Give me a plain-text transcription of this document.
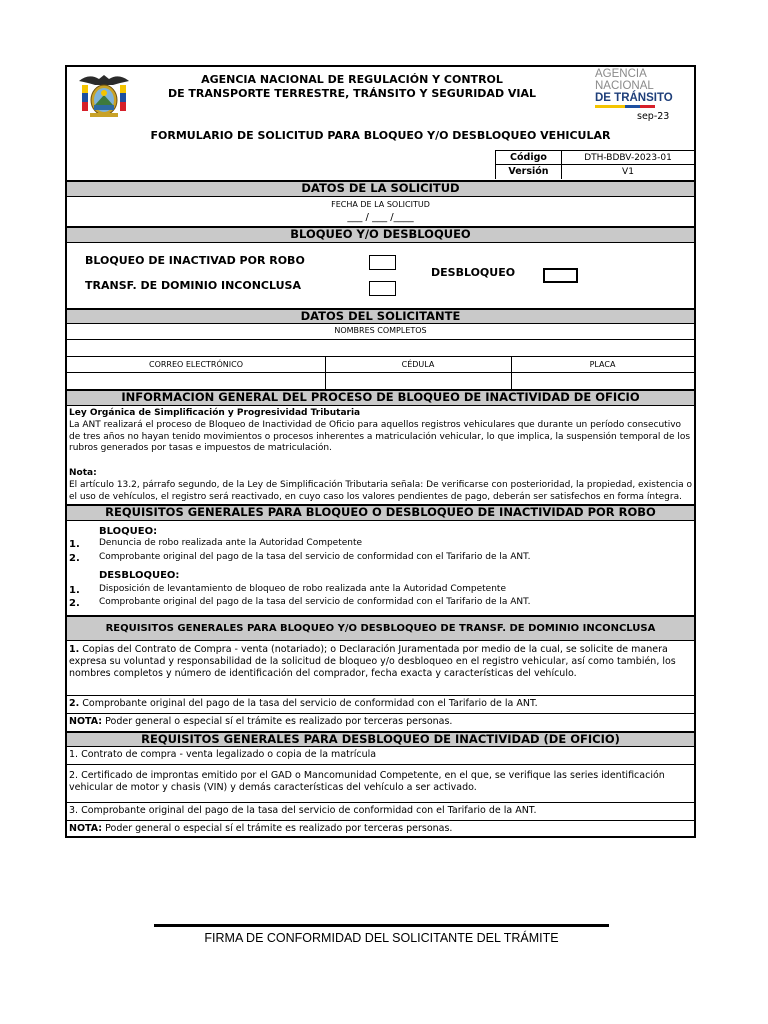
AGENCIA NACIONAL DE REGULACIÓN Y CONTROL
DE TRANSPORTE TERRESTRE, TRÁNSITO Y SEGURIDAD VIAL
AGENCIA
NACIONAL
DE TRÁNSITO
sep-23
FORMULARIO DE SOLICITUD PARA BLOQUEO Y/O DESBLOQUEO VEHICULAR
Código	DTH-BDBV-2023-01
Versión	V1
DATOS DE LA SOLICITUD
FECHA DE LA SOLICITUD
___ / ___ /____
BLOQUEO Y/O DESBLOQUEO
BLOQUEO DE INACTIVAD POR ROBO
TRANSF. DE DOMINIO INCONCLUSA
DESBLOQUEO
DATOS DEL SOLICITANTE
NOMBRES COMPLETOS
CORREO ELECTRÓNICO	CÉDULA	PLACA
INFORMACION GENERAL DEL PROCESO DE BLOQUEO DE INACTIVIDAD DE OFICIO
Ley Orgánica de Simplificación y Progresividad Tributaria
La ANT realizará el proceso de Bloqueo de Inactividad de Oficio para aquellos registros vehiculares que durante un período consecutivo de tres años no hayan tenido movimientos o procesos inherentes a matriculación vehicular, lo que implica, la suspensión temporal de los rubros generados por tasas e impuestos de matriculación.
Nota:
El artículo 13.2, párrafo segundo, de la Ley de Simplificación Tributaria señala: De verificarse con posterioridad, la propiedad, existencia o el uso de vehículos, el registro será reactivado, en cuyo caso los valores pendientes de pago, deberán ser satisfechos en forma íntegra.
REQUISITOS GENERALES PARA BLOQUEO O DESBLOQUEO DE INACTIVIDAD POR ROBO
BLOQUEO:
1. Denuncia de robo realizada ante la Autoridad Competente
2. Comprobante original del pago de la tasa del servicio de conformidad con el Tarifario de la ANT.
DESBLOQUEO:
1. Disposición de levantamiento de bloqueo de robo realizada ante la Autoridad Competente
2. Comprobante original del pago de la tasa del servicio de conformidad con el Tarifario de la ANT.
REQUISITOS GENERALES PARA BLOQUEO Y/O DESBLOQUEO DE TRANSF. DE DOMINIO INCONCLUSA
1. Copias del Contrato de Compra - venta (notariado); o Declaración Juramentada por medio de la cual, se solicite de manera expresa su voluntad y responsabilidad de la solicitud de bloqueo y/o desbloqueo en el registro vehicular, así como también, los nombres completos y número de identificación del comprador, fecha exacta y características del vehículo.
2. Comprobante original del pago de la tasa del servicio de conformidad con el Tarifario de la ANT.
NOTA: Poder general o especial sí el trámite es realizado por terceras personas.
REQUISITOS GENERALES PARA DESBLOQUEO DE INACTIVIDAD (DE OFICIO)
1. Contrato de compra - venta legalizado o copia de la matrícula
2. Certificado de improntas emitido por el GAD o Mancomunidad Competente, en el que, se verifique las series identificación vehicular de motor y chasis (VIN) y demás características del vehículo a ser activado.
3. Comprobante original del pago de la tasa del servicio de conformidad con el Tarifario de la ANT.
NOTA: Poder general o especial sí el trámite es realizado por terceras personas.
FIRMA DE CONFORMIDAD DEL SOLICITANTE DEL TRÁMITE
